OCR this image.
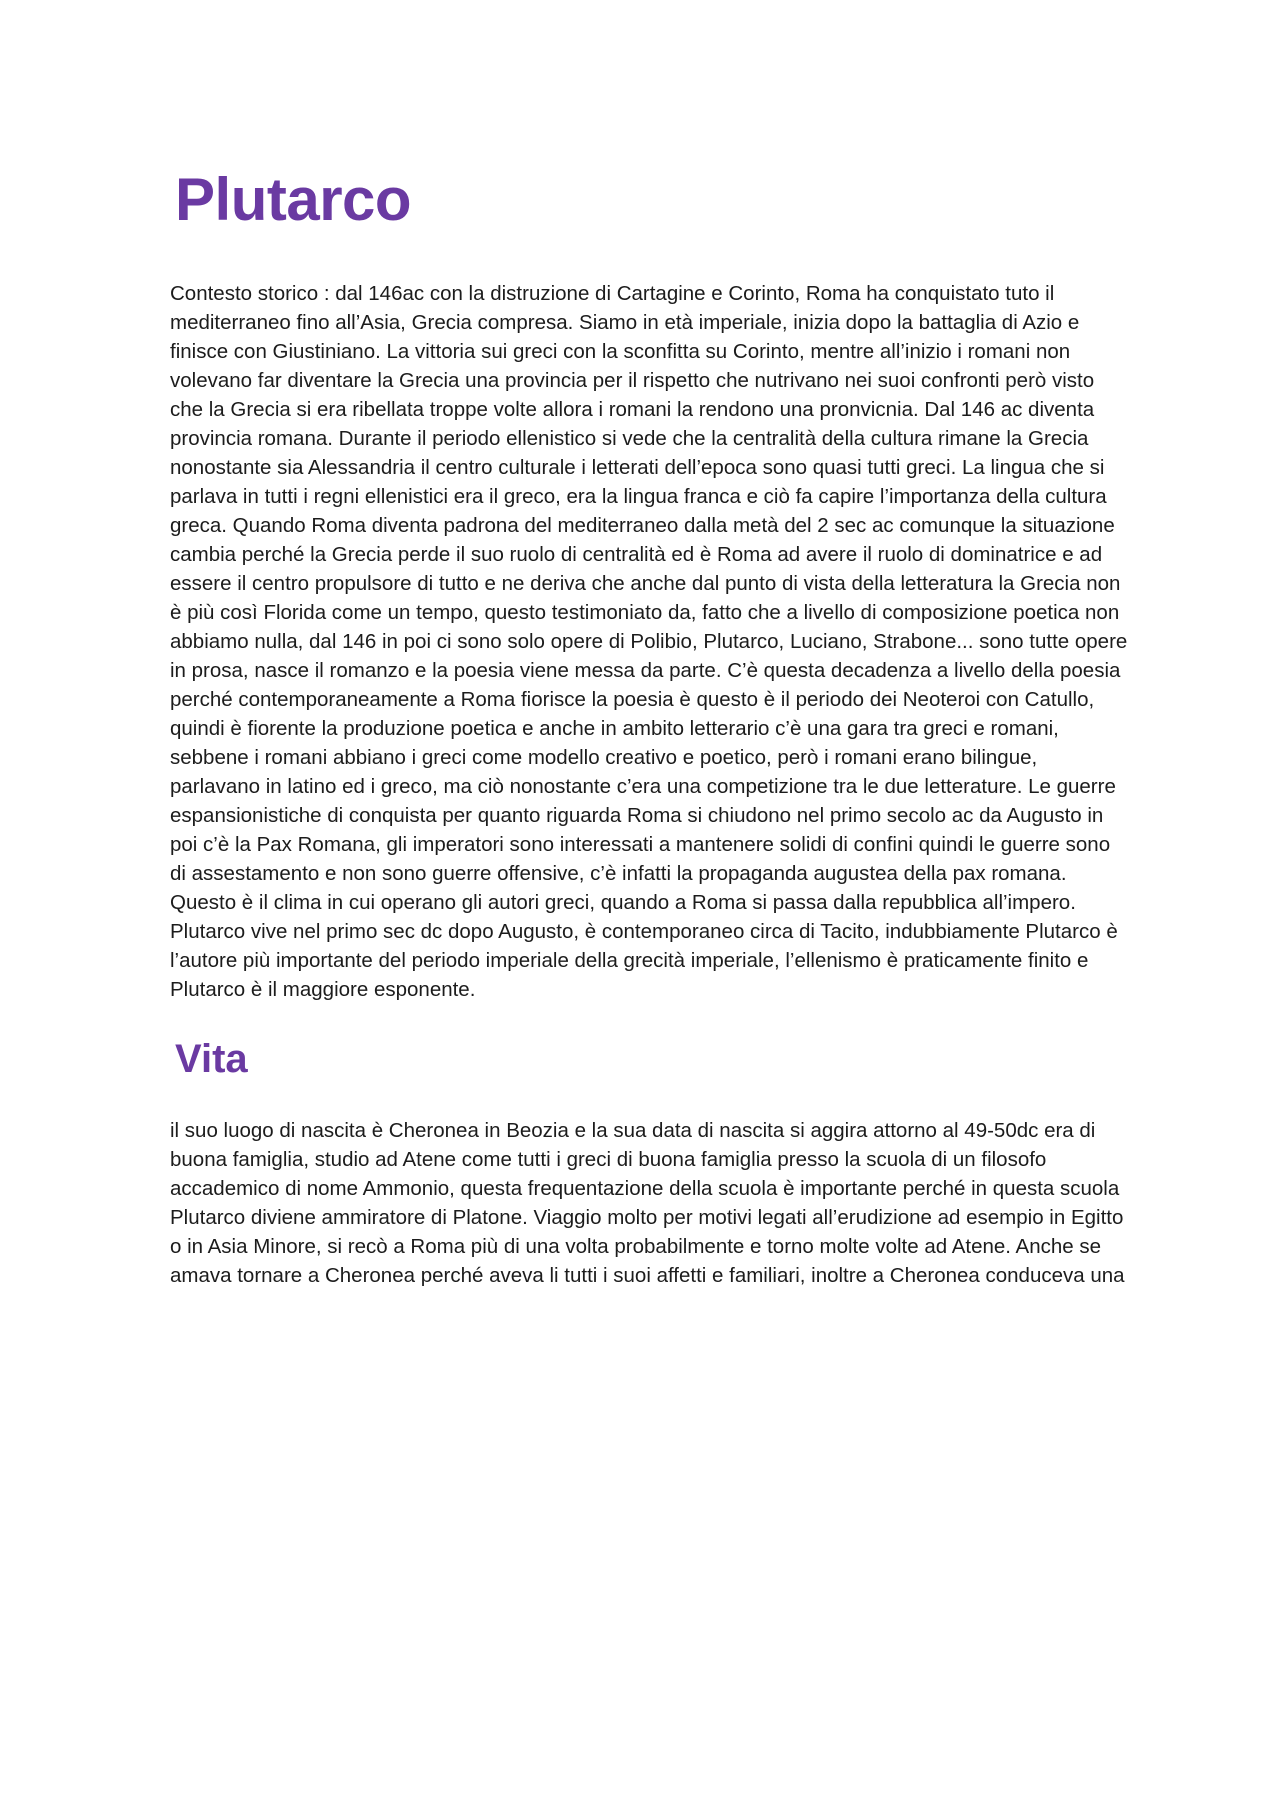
Plutarco

Contesto storico : dal 146ac con la distruzione di Cartagine e Corinto, Roma ha conquistato tuto il mediterraneo fino all’Asia, Grecia compresa. Siamo in età imperiale, inizia dopo la battaglia di Azio e finisce con Giustiniano. La vittoria sui greci con la sconfitta su Corinto, mentre all’inizio i romani non volevano far diventare la Grecia una provincia per il rispetto che nutrivano nei suoi confronti però visto che la Grecia si era ribellata troppe volte allora i romani la rendono una pronvicnia. Dal 146 ac diventa provincia romana. Durante il periodo ellenistico si vede che la centralità della cultura rimane la Grecia nonostante sia Alessandria il centro culturale i letterati dell’epoca sono quasi tutti greci. La lingua che si parlava in tutti i regni ellenistici era il greco, era la lingua franca e ciò fa capire l’importanza della cultura greca. Quando Roma diventa padrona del mediterraneo dalla metà del 2 sec ac comunque la situazione cambia perché la Grecia perde il suo ruolo di centralità ed è Roma ad avere il ruolo di dominatrice e ad essere il centro propulsore di tutto e ne deriva che anche dal punto di vista della letteratura la Grecia non è più così Florida come un tempo, questo testimoniato da, fatto che a livello di composizione poetica non abbiamo nulla, dal 146 in poi ci sono solo opere di Polibio, Plutarco, Luciano, Strabone... sono tutte opere in prosa, nasce il romanzo e la poesia viene messa da parte. C’è questa decadenza a livello della poesia perché contemporaneamente a Roma fiorisce la poesia è questo è il periodo dei Neoteroi con Catullo, quindi è fiorente la produzione poetica e anche in ambito letterario c’è una gara tra greci e romani, sebbene i romani abbiano i greci come modello creativo e poetico, però i romani erano bilingue, parlavano in latino ed i greco, ma ciò nonostante c’era una competizione tra le due letterature. Le guerre espansionistiche di conquista per quanto riguarda Roma si chiudono nel primo secolo ac da Augusto in poi c’è la Pax Romana, gli imperatori sono interessati a mantenere solidi di confini quindi le guerre sono di assestamento e non sono guerre offensive, c’è infatti la propaganda augustea della pax romana. Questo è il clima in cui operano gli autori greci, quando a Roma si passa dalla repubblica all’impero. Plutarco vive nel primo sec dc dopo Augusto, è contemporaneo circa di Tacito, indubbiamente Plutarco è l’autore più importante del periodo imperiale della grecità imperiale, l’ellenismo è praticamente finito e Plutarco è il maggiore esponente.

Vita

il suo luogo di nascita è Cheronea in Beozia e la sua data di nascita si aggira attorno al 49-50dc era di buona famiglia, studio ad Atene come tutti i greci di buona famiglia presso la scuola di un filosofo accademico di nome Ammonio, questa frequentazione della scuola è importante perché in questa scuola Plutarco diviene ammiratore di Platone. Viaggio molto per motivi legati all’erudizione ad esempio in Egitto o in Asia Minore, si recò a Roma più di una volta probabilmente e torno molte volte ad Atene. Anche se amava tornare a Cheronea perché aveva li tutti i suoi affetti e familiari, inoltre a Cheronea conduceva una
